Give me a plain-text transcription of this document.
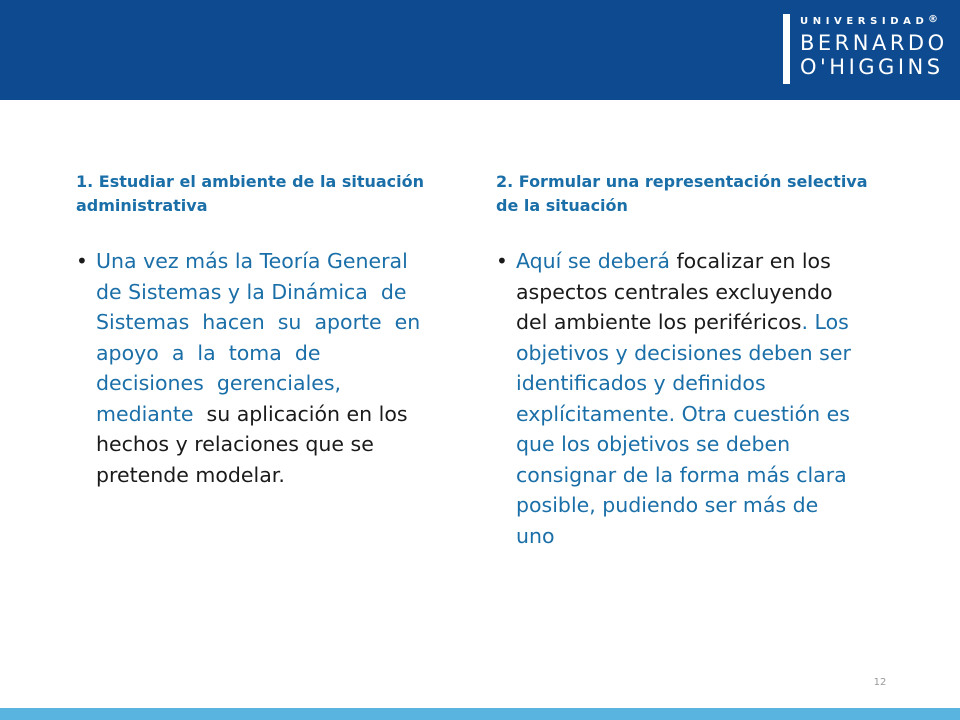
UNIVERSIDAD
BERNARDO
O'HIGGINS
®
1. Estudiar el ambiente de la situación administrativa
• Una vez más la Teoría General
de Sistemas y la Dinámica  de
Sistemas  hacen  su  aporte  en
apoyo  a  la  toma  de
decisiones  gerenciales,
mediante  su aplicación en los
hechos y relaciones que se
pretende modelar.
2. Formular una representación selectiva de la situación
• Aquí se deberá focalizar en los
aspectos centrales excluyendo
del ambiente los periféricos. Los
objetivos y decisiones deben ser
identificados y definidos
explícitamente. Otra cuestión es
que los objetivos se deben
consignar de la forma más clara
posible, pudiendo ser más de
uno
12
